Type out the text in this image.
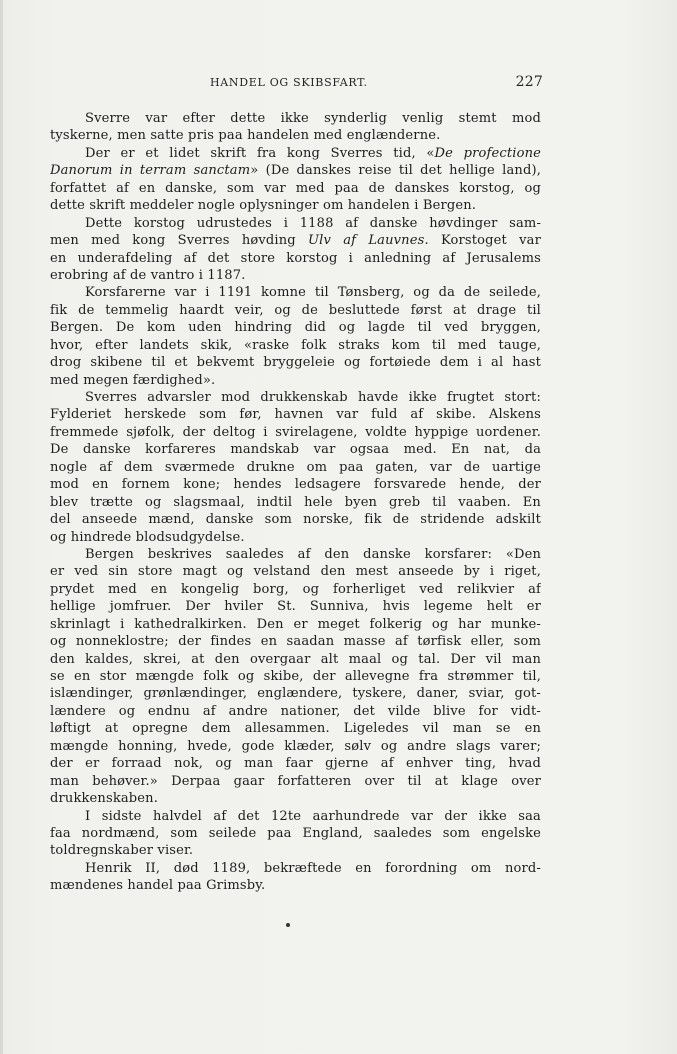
HANDEL OG SKIBSFART.	227
Sverre var efter dette ikke synderlig venlig stemt mod
tyskerne, men satte pris paa handelen med englænderne.
Der er et lidet skrift fra kong Sverres tid, «De profectione
Danorum in terram sanctam» (De danskes reise til det hellige land),
forfattet af en danske, som var med paa de danskes korstog, og
dette skrift meddeler nogle oplysninger om handelen i Bergen.
Dette korstog udrustedes i 1188 af danske høvdinger sam-
men med kong Sverres høvding Ulv af Lauvnes. Korstoget var
en underafdeling af det store korstog i anledning af Jerusalems
erobring af de vantro i 1187.
Korsfarerne var i 1191 komne til Tønsberg, og da de seilede,
fik de temmelig haardt veir, og de besluttede først at drage til
Bergen. De kom uden hindring did og lagde til ved bryggen,
hvor, efter landets skik, «raske folk straks kom til med tauge,
drog skibene til et bekvemt bryggeleie og fortøiede dem i al hast
med megen færdighed».
Sverres advarsler mod drukkenskab havde ikke frugtet stort:
Fylderiet herskede som før, havnen var fuld af skibe. Alskens
fremmede sjøfolk, der deltog i svirelagene, voldte hyppige uordener.
De danske korfareres mandskab var ogsaa med. En nat, da
nogle af dem sværmede drukne om paa gaten, var de uartige
mod en fornem kone; hendes ledsagere forsvarede hende, der
blev trætte og slagsmaal, indtil hele byen greb til vaaben. En
del anseede mænd, danske som norske, fik de stridende adskilt
og hindrede blodsudgydelse.
Bergen beskrives saaledes af den danske korsfarer: «Den
er ved sin store magt og velstand den mest anseede by i riget,
prydet med en kongelig borg, og forherliget ved relikvier af
hellige jomfruer. Der hviler St. Sunniva, hvis legeme helt er
skrinlagt i kathedralkirken. Den er meget folkerig og har munke-
og nonneklostre; der findes en saadan masse af tørfisk eller, som
den kaldes, skrei, at den overgaar alt maal og tal. Der vil man
se en stor mængde folk og skibe, der allevegne fra strømmer til,
islændinger, grønlændinger, englændere, tyskere, daner, sviar, got-
lændere og endnu af andre nationer, det vilde blive for vidt-
løftigt at opregne dem allesammen. Ligeledes vil man se en
mængde honning, hvede, gode klæder, sølv og andre slags varer;
der er forraad nok, og man faar gjerne af enhver ting, hvad
man behøver.» Derpaa gaar forfatteren over til at klage over
drukkenskaben.
I sidste halvdel af det 12te aarhundrede var der ikke saa
faa nordmænd, som seilede paa England, saaledes som engelske
toldregnskaber viser.
Henrik II, død 1189, bekræftede en forordning om nord-
mændenes handel paa Grimsby.
